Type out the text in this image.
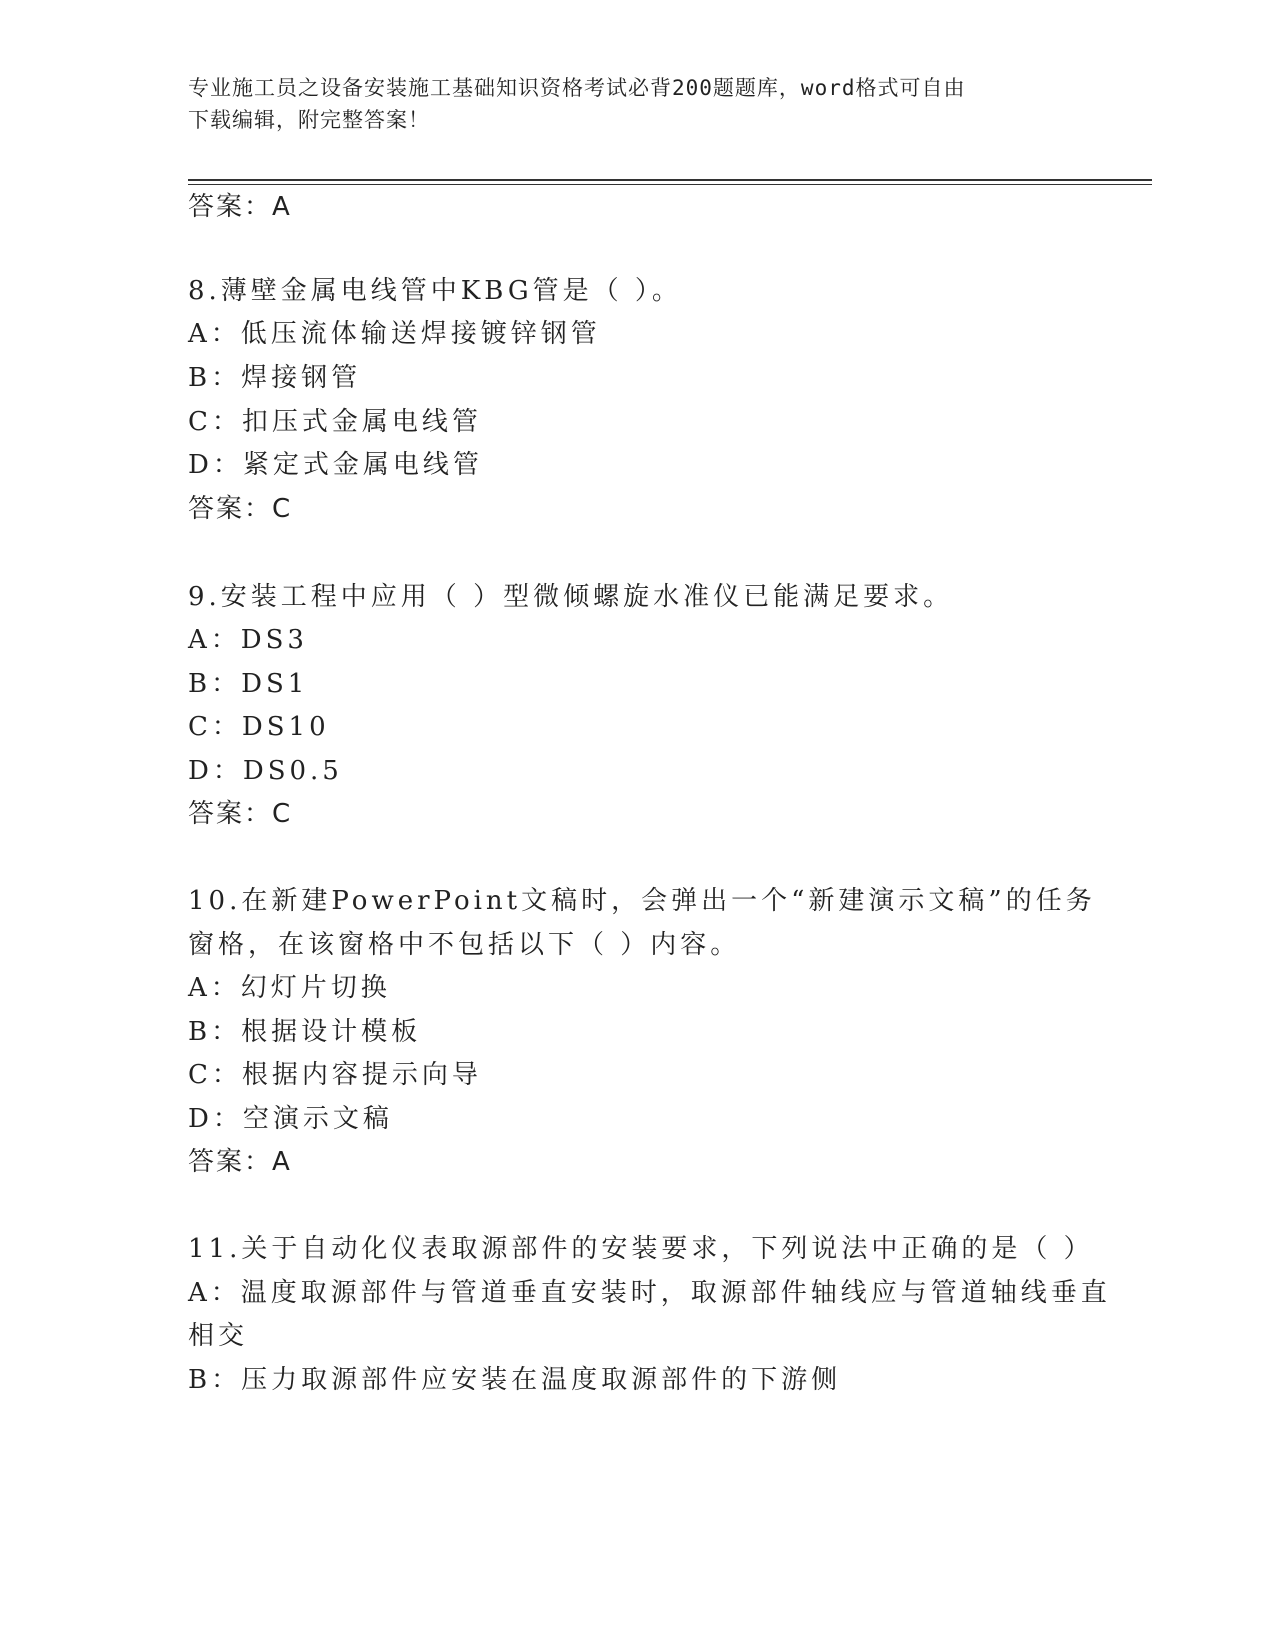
专业施工员之设备安装施工基础知识资格考试必背200题题库，word格式可自由
下载编辑，附完整答案！
答案：A
8.薄壁金属电线管中KBG管是（ ）。
A：低压流体输送焊接镀锌钢管
B：焊接钢管
C：扣压式金属电线管
D：紧定式金属电线管
答案：C
9.安装工程中应用（ ）型微倾螺旋水准仪已能满足要求。
A：DS3
B：DS1
C：DS10
D：DS0.5
答案：C
10.在新建PowerPoint文稿时，会弹出一个“新建演示文稿”的任务
窗格，在该窗格中不包括以下（ ）内容。
A：幻灯片切换
B：根据设计模板
C：根据内容提示向导
D：空演示文稿
答案：A
11.关于自动化仪表取源部件的安装要求，下列说法中正确的是（ ）
A：温度取源部件与管道垂直安装时，取源部件轴线应与管道轴线垂直
相交
B：压力取源部件应安装在温度取源部件的下游侧
